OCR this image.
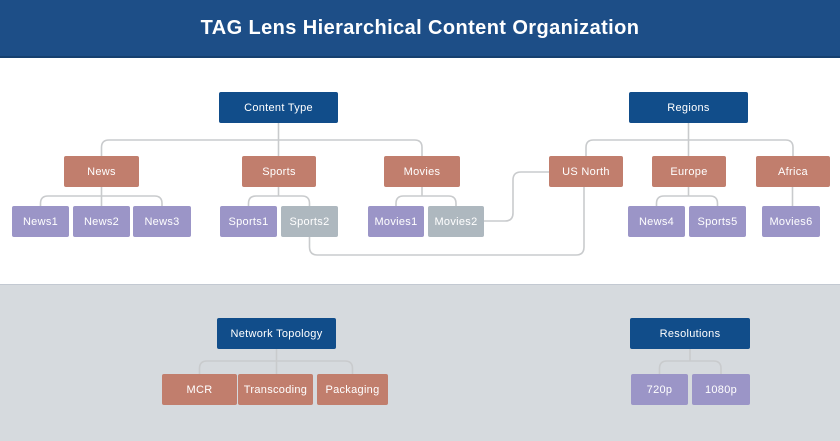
Content Type	Regions
News	Sports	Movies	US North	Europe	Africa
News1	News2	News3	Sports1	Sports2	Movies1	Movies2	News4	Sports5	Movies6
Network Topology	Resolutions
MCR	Transcoding	Packaging	720p	1080p
TAG Lens Hierarchical Content Organization
